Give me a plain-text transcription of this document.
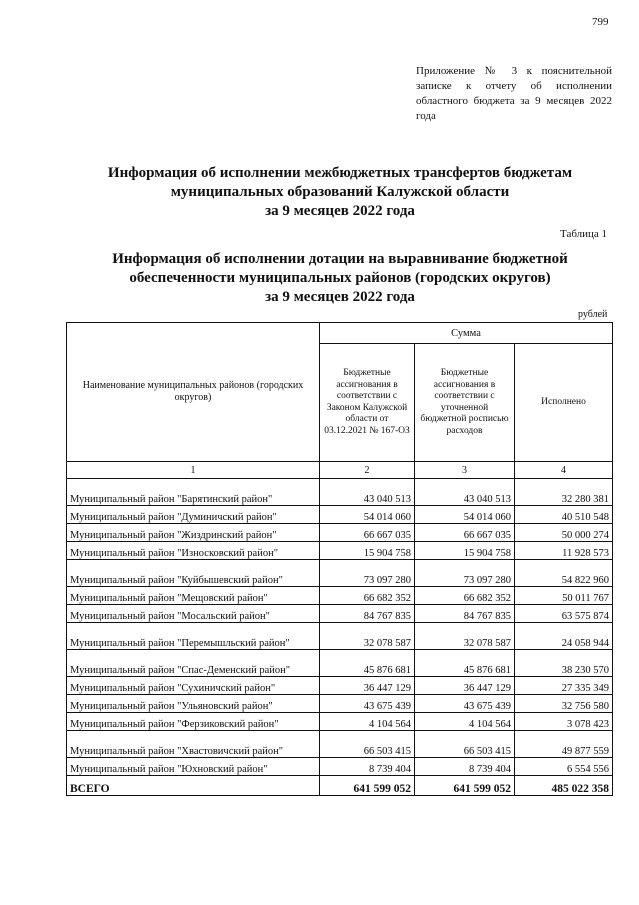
799
Приложение № 3 к пояснительной записке к отчету об исполнении областного бюджета за 9 месяцев 2022 года
Информация об исполнении межбюджетных трансфертов бюджетам
муниципальных образований Калужской области
за 9 месяцев 2022 года
Таблица 1
Информация об исполнении дотации на выравнивание бюджетной
обеспеченности муниципальных районов (городских округов)
за 9 месяцев 2022 года
рублей
Наименование муниципальных районов (городских округов)	Сумма		
	Бюджетные ассигнования в соответствии с Законом Калужской области от 03.12.2021 № 167-ОЗ	Бюджетные ассигнования в соответствии с уточненной бюджетной росписью расходов	Исполнено
1	2	3	4
Муниципальный район "Барятинский район"	43 040 513	43 040 513	32 280 381
Муниципальный район "Думиничский район"	54 014 060	54 014 060	40 510 548
Муниципальный район "Жиздринский район"	66 667 035	66 667 035	50 000 274
Муниципальный район "Износковский район"	15 904 758	15 904 758	11 928 573
Муниципальный район "Куйбышевский район"	73 097 280	73 097 280	54 822 960
Муниципальный район "Мещовский район"	66 682 352	66 682 352	50 011 767
Муниципальный район "Мосальский район"	84 767 835	84 767 835	63 575 874
Муниципальный район "Перемышльский район"	32 078 587	32 078 587	24 058 944
Муниципальный район "Спас-Деменский район"	45 876 681	45 876 681	38 230 570
Муниципальный район "Сухиничский район"	36 447 129	36 447 129	27 335 349
Муниципальный район "Ульяновский район"	43 675 439	43 675 439	32 756 580
Муниципальный район "Ферзиковский район"	4 104 564	4 104 564	3 078 423
Муниципальный район "Хвастовичский район"	66 503 415	66 503 415	49 877 559
Муниципальный район "Юхновский район"	8 739 404	8 739 404	6 554 556
ВСЕГО	641 599 052	641 599 052	485 022 358
